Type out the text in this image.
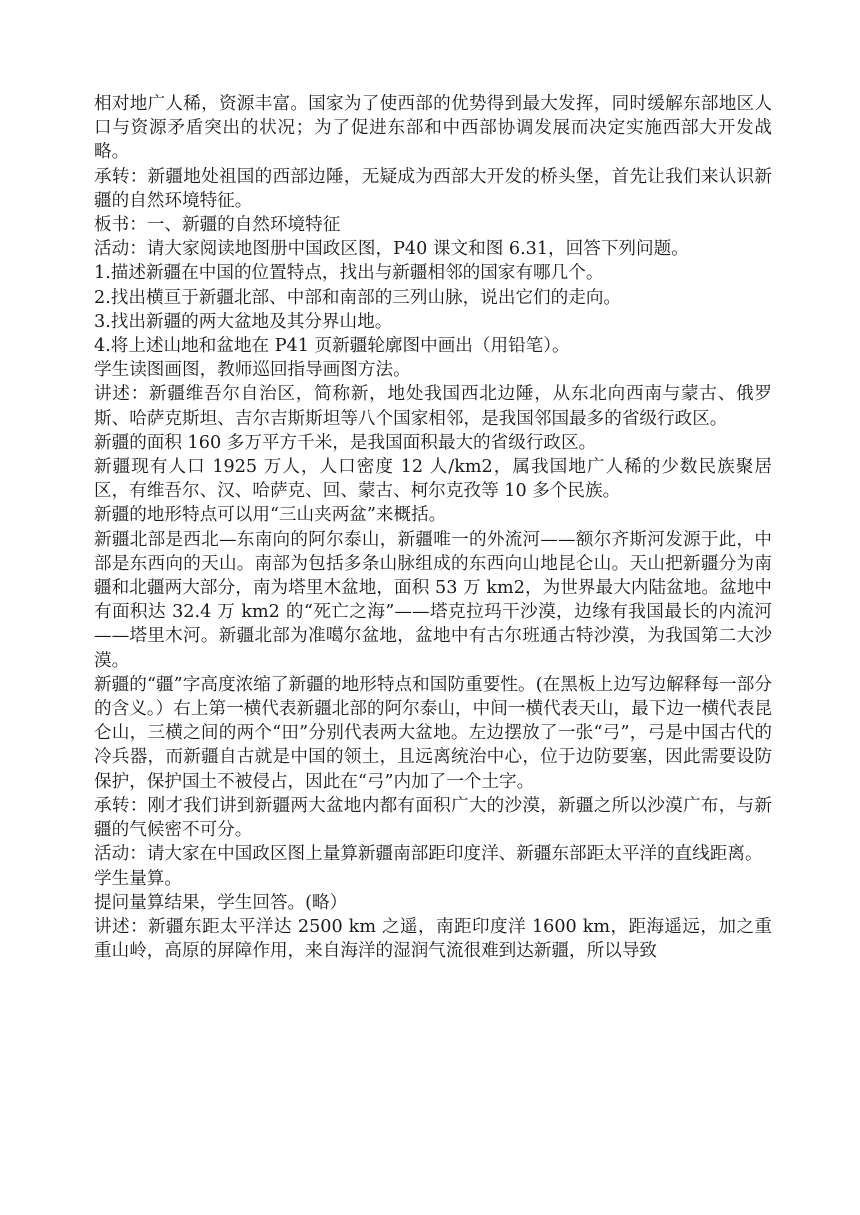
相对地广人稀，资源丰富。国家为了使西部的优势得到最大发挥，同时缓解东部地区人口与资源矛盾突出的状况；为了促进东部和中西部协调发展而决定实施西部大开发战略。

承转：新疆地处祖国的西部边陲，无疑成为西部大开发的桥头堡，首先让我们来认识新疆的自然环境特征。

板书：一、新疆的自然环境特征

活动：请大家阅读地图册中国政区图，P40 课文和图 6.31，回答下列问题。

1.描述新疆在中国的位置特点，找出与新疆相邻的国家有哪几个。

2.找出横亘于新疆北部、中部和南部的三列山脉，说出它们的走向。

3.找出新疆的两大盆地及其分界山地。

4.将上述山地和盆地在 P41 页新疆轮廓图中画出（用铅笔）。

学生读图画图，教师巡回指导画图方法。

讲述：新疆维吾尔自治区，简称新，地处我国西北边陲，从东北向西南与蒙古、俄罗斯、哈萨克斯坦、吉尔吉斯斯坦等八个国家相邻，是我国邻国最多的省级行政区。

新疆的面积 160 多万平方千米，是我国面积最大的省级行政区。

新疆现有人口 1925 万人，人口密度 12 人/km2，属我国地广人稀的少数民族聚居区，有维吾尔、汉、哈萨克、回、蒙古、柯尔克孜等 10 多个民族。

新疆的地形特点可以用“三山夹两盆”来概括。

新疆北部是西北—东南向的阿尔泰山，新疆唯一的外流河——额尔齐斯河发源于此，中部是东西向的天山。南部为包括多条山脉组成的东西向山地昆仑山。天山把新疆分为南疆和北疆两大部分，南为塔里木盆地，面积 53 万 km2，为世界最大内陆盆地。盆地中有面积达 32.4 万 km2 的“死亡之海”——塔克拉玛干沙漠，边缘有我国最长的内流河——塔里木河。新疆北部为准噶尔盆地，盆地中有古尔班通古特沙漠，为我国第二大沙漠。

新疆的“疆”字高度浓缩了新疆的地形特点和国防重要性。(在黑板上边写边解释每一部分的含义。）右上第一横代表新疆北部的阿尔泰山，中间一横代表天山，最下边一横代表昆仑山，三横之间的两个“田”分别代表两大盆地。左边摆放了一张“弓”，弓是中国古代的冷兵器，而新疆自古就是中国的领土，且远离统治中心，位于边防要塞，因此需要设防保护，保护国土不被侵占，因此在“弓”内加了一个土字。

承转：刚才我们讲到新疆两大盆地内都有面积广大的沙漠，新疆之所以沙漠广布，与新疆的气候密不可分。

活动：请大家在中国政区图上量算新疆南部距印度洋、新疆东部距太平洋的直线距离。

学生量算。

提问量算结果，学生回答。(略）

讲述：新疆东距太平洋达 2500 km 之遥，南距印度洋 1600 km，距海遥远，加之重重山岭，高原的屏障作用，来自海洋的湿润气流很难到达新疆，所以导致
